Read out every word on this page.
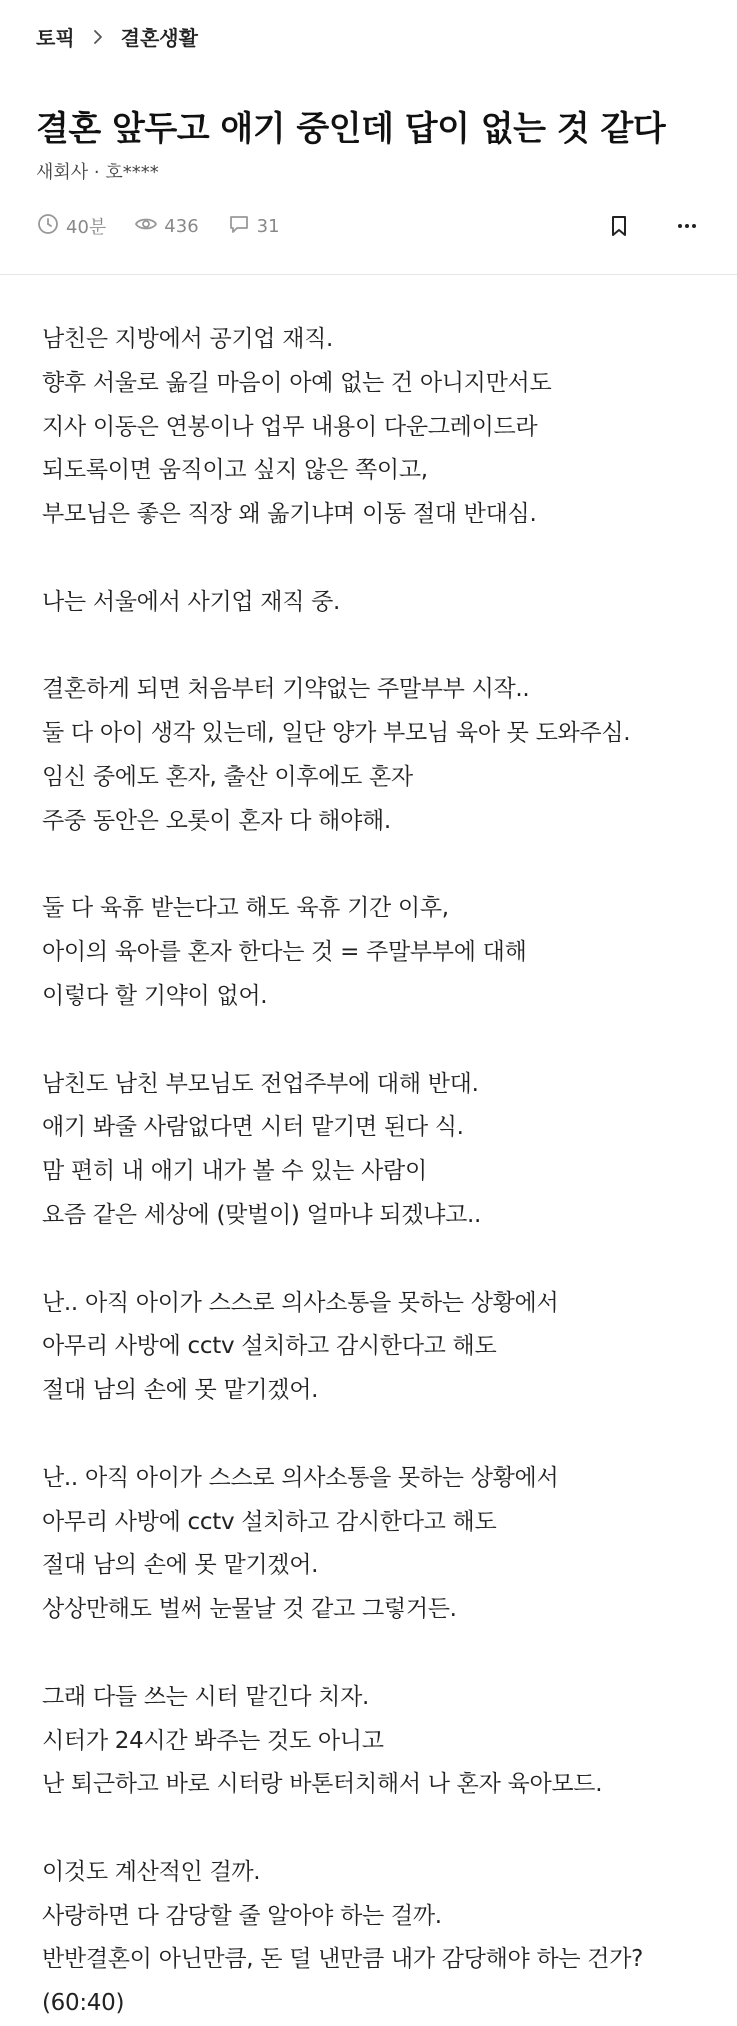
토픽 결혼생활
결혼 앞두고 애기 중인데 답이 없는 것 같다
새회사 · 호****
40분	436	31
남친은 지방에서 공기업 재직.
향후 서울로 옮길 마음이 아예 없는 건 아니지만서도
지사 이동은 연봉이나 업무 내용이 다운그레이드라
되도록이면 움직이고 싶지 않은 쪽이고,
부모님은 좋은 직장 왜 옮기냐며 이동 절대 반대심.

나는 서울에서 사기업 재직 중.

결혼하게 되면 처음부터 기약없는 주말부부 시작..
둘 다 아이 생각 있는데, 일단 양가 부모님 육아 못 도와주심.
임신 중에도 혼자, 출산 이후에도 혼자
주중 동안은 오롯이 혼자 다 해야해.

둘 다 육휴 받는다고 해도 육휴 기간 이후,
아이의 육아를 혼자 한다는 것 = 주말부부에 대해
이렇다 할 기약이 없어.

남친도 남친 부모님도 전업주부에 대해 반대.
애기 봐줄 사람없다면 시터 맡기면 된다 식.
맘 편히 내 애기 내가 볼 수 있는 사람이
요즘 같은 세상에 (맞벌이) 얼마냐 되겠냐고..

난.. 아직 아이가 스스로 의사소통을 못하는 상황에서
아무리 사방에 cctv 설치하고 감시한다고 해도
절대 남의 손에 못 맡기겠어.

난.. 아직 아이가 스스로 의사소통을 못하는 상황에서
아무리 사방에 cctv 설치하고 감시한다고 해도
절대 남의 손에 못 맡기겠어.
상상만해도 벌써 눈물날 것 같고 그렇거든.

그래 다들 쓰는 시터 맡긴다 치자.
시터가 24시간 봐주는 것도 아니고
난 퇴근하고 바로 시터랑 바톤터치해서 나 혼자 육아모드.

이것도 계산적인 걸까.
사랑하면 다 감당할 줄 알아야 하는 걸까.
반반결혼이 아닌만큼, 돈 덜 낸만큼 내가 감당해야 하는 건가?
(60:40)
